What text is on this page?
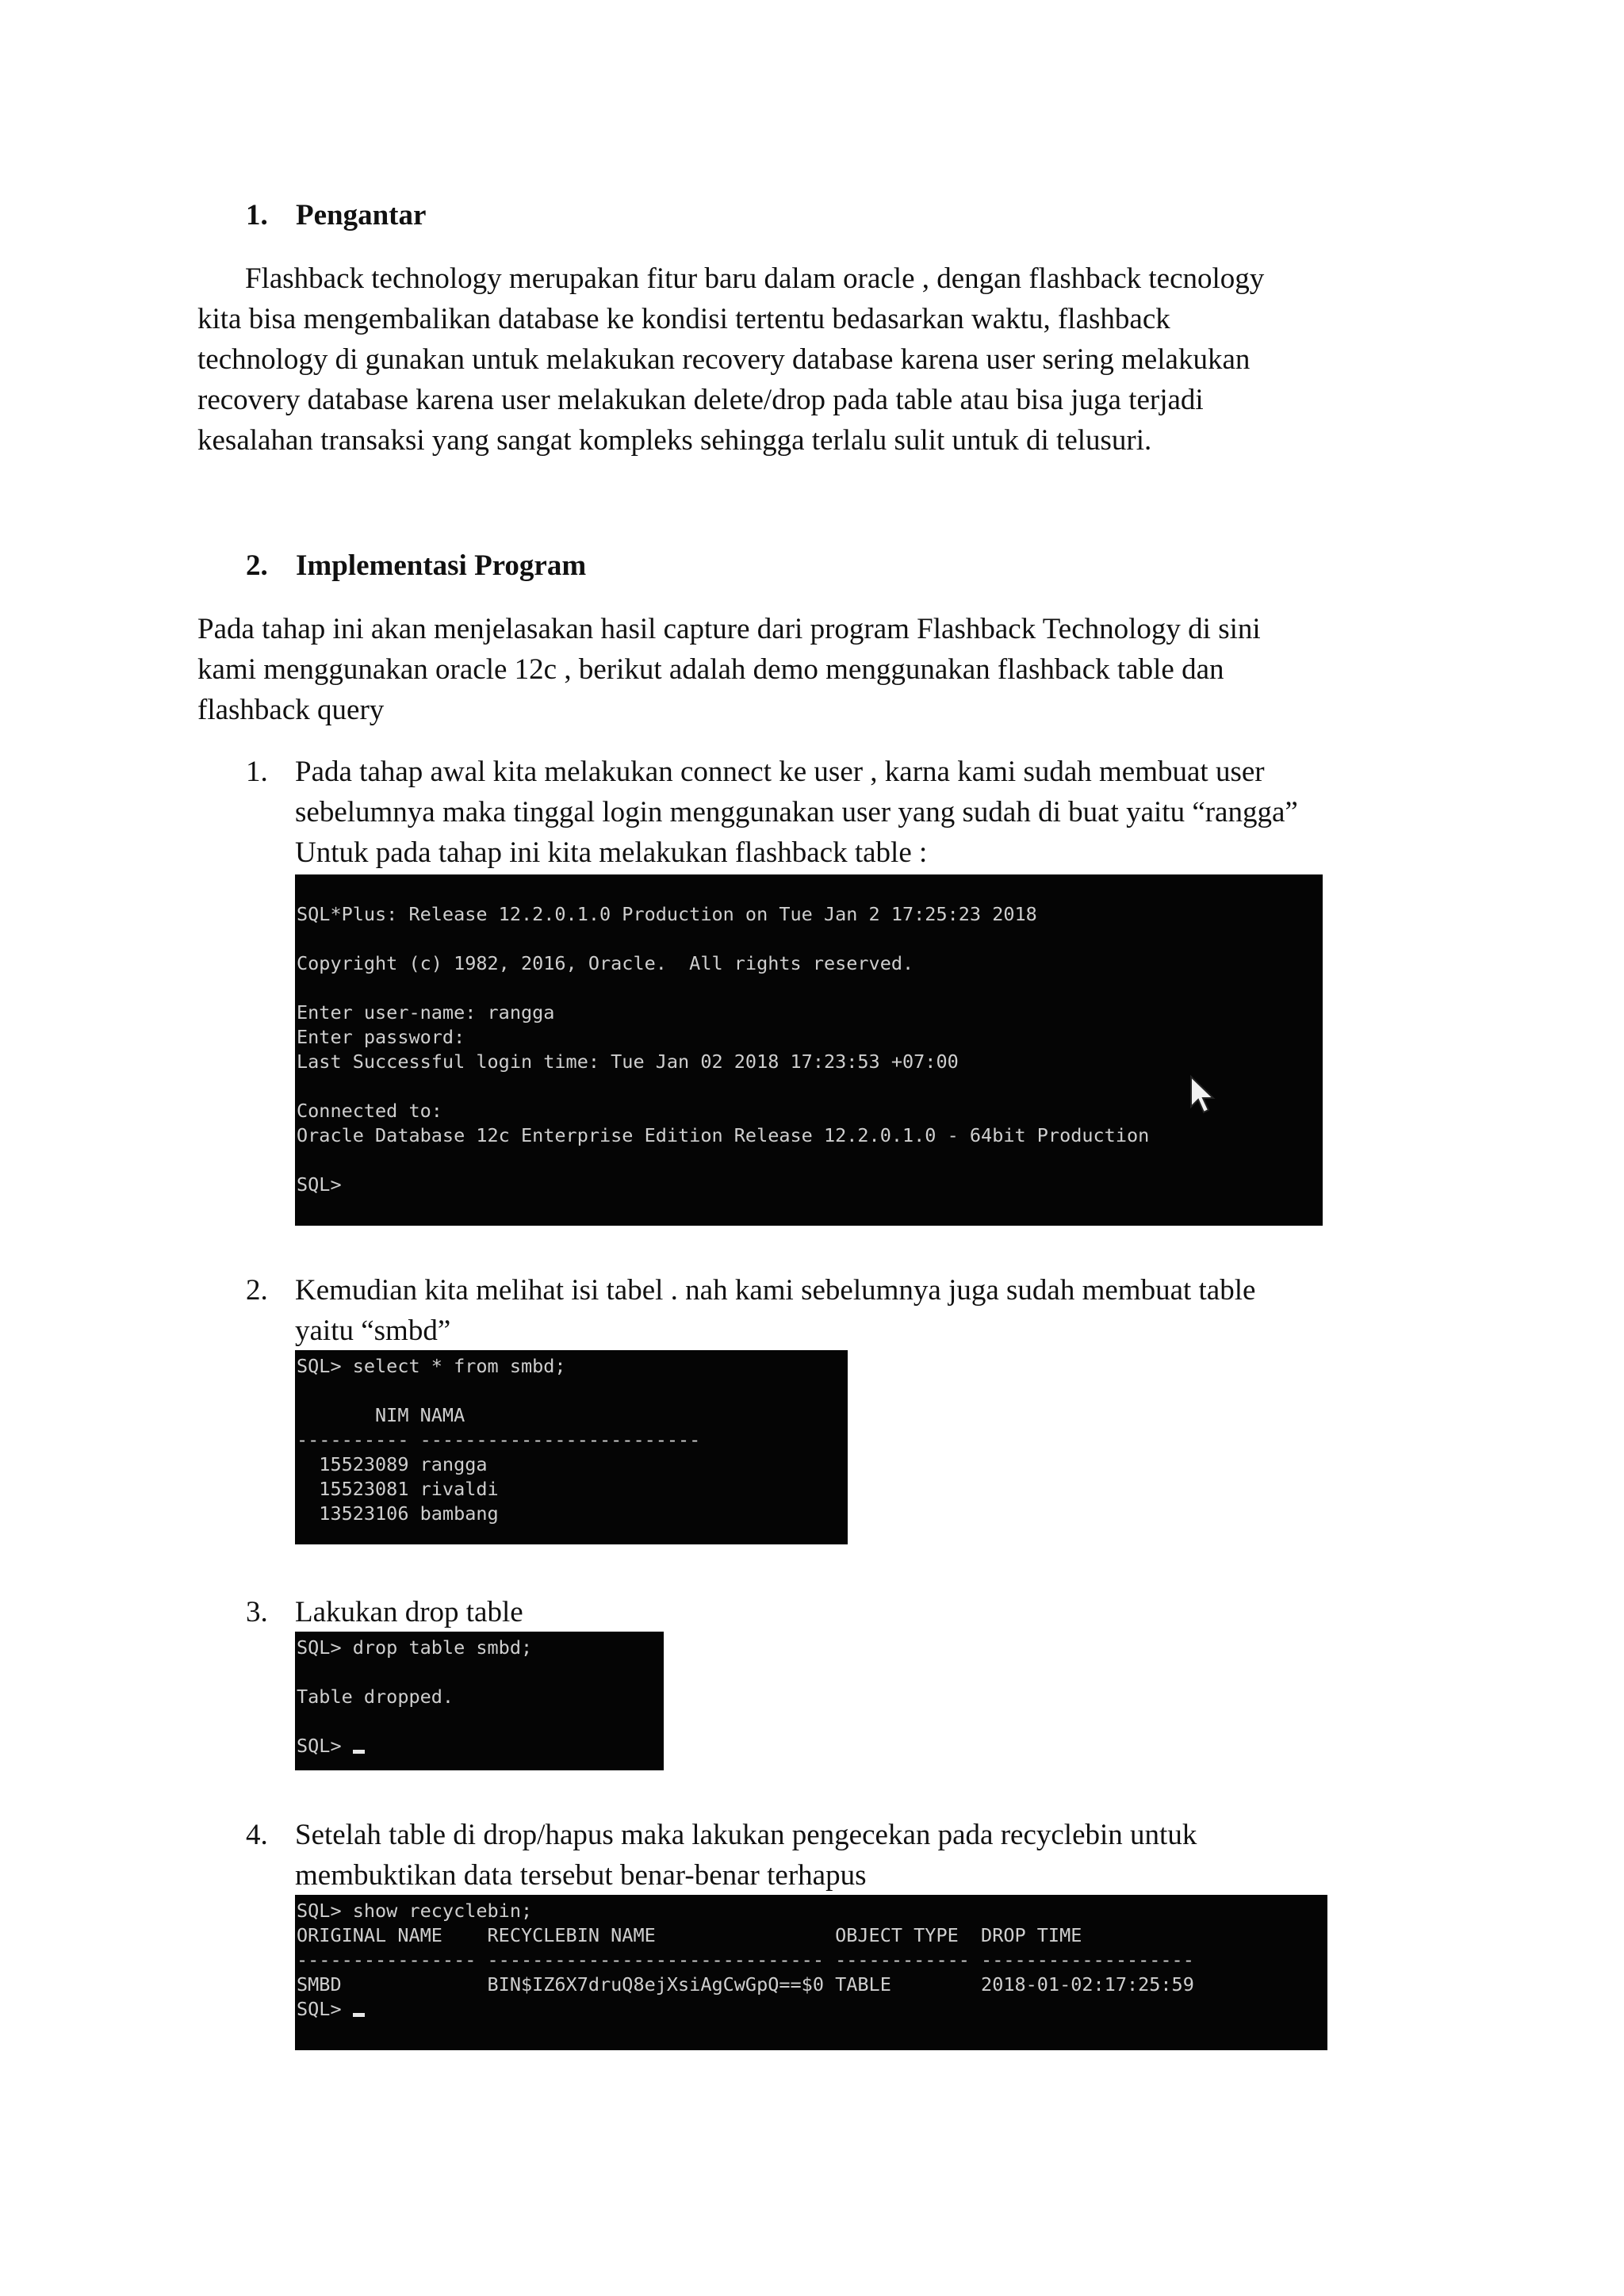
1. Pengantar
Flashback technology merupakan fitur baru dalam oracle , dengan flashback tecnology
kita bisa mengembalikan database ke kondisi tertentu bedasarkan waktu, flashback
technology di gunakan untuk melakukan recovery database karena user sering melakukan
recovery database karena user melakukan delete/drop pada table atau bisa juga terjadi
kesalahan transaksi yang sangat kompleks sehingga terlalu sulit untuk di telusuri.
2. Implementasi Program
Pada tahap ini akan menjelasakan hasil capture dari program Flashback Technology di sini
kami menggunakan oracle 12c , berikut adalah demo menggunakan flashback table dan
flashback query
1. Pada tahap awal kita melakukan connect ke user , karna kami sudah membuat user
sebelumnya maka tinggal login menggunakan user yang sudah di buat yaitu “rangga”
Untuk pada tahap ini kita melakukan flashback table :
SQL*Plus: Release 12.2.0.1.0 Production on Tue Jan 2 17:25:23 2018
Copyright (c) 1982, 2016, Oracle.  All rights reserved.
Enter user-name: rangga
Enter password:
Last Successful login time: Tue Jan 02 2018 17:23:53 +07:00
Connected to:
Oracle Database 12c Enterprise Edition Release 12.2.0.1.0 - 64bit Production
SQL>
2. Kemudian kita melihat isi tabel . nah kami sebelumnya juga sudah membuat table
yaitu “smbd”
SQL> select * from smbd;
NIM NAMA
---------- -------------------------
15523089 rangga
15523081 rivaldi
13523106 bambang
3. Lakukan drop table
SQL> drop table smbd;
Table dropped.
SQL>
4. Setelah table di drop/hapus maka lakukan pengecekan pada recyclebin untuk
membuktikan data tersebut benar-benar terhapus
SQL> show recyclebin;
ORIGINAL NAME    RECYCLEBIN NAME                OBJECT TYPE  DROP TIME
---------------- ------------------------------ ------------ -------------------
SMBD             BIN$IZ6X7druQ8ejXsiAgCwGpQ==$0 TABLE        2018-01-02:17:25:59
SQL>
